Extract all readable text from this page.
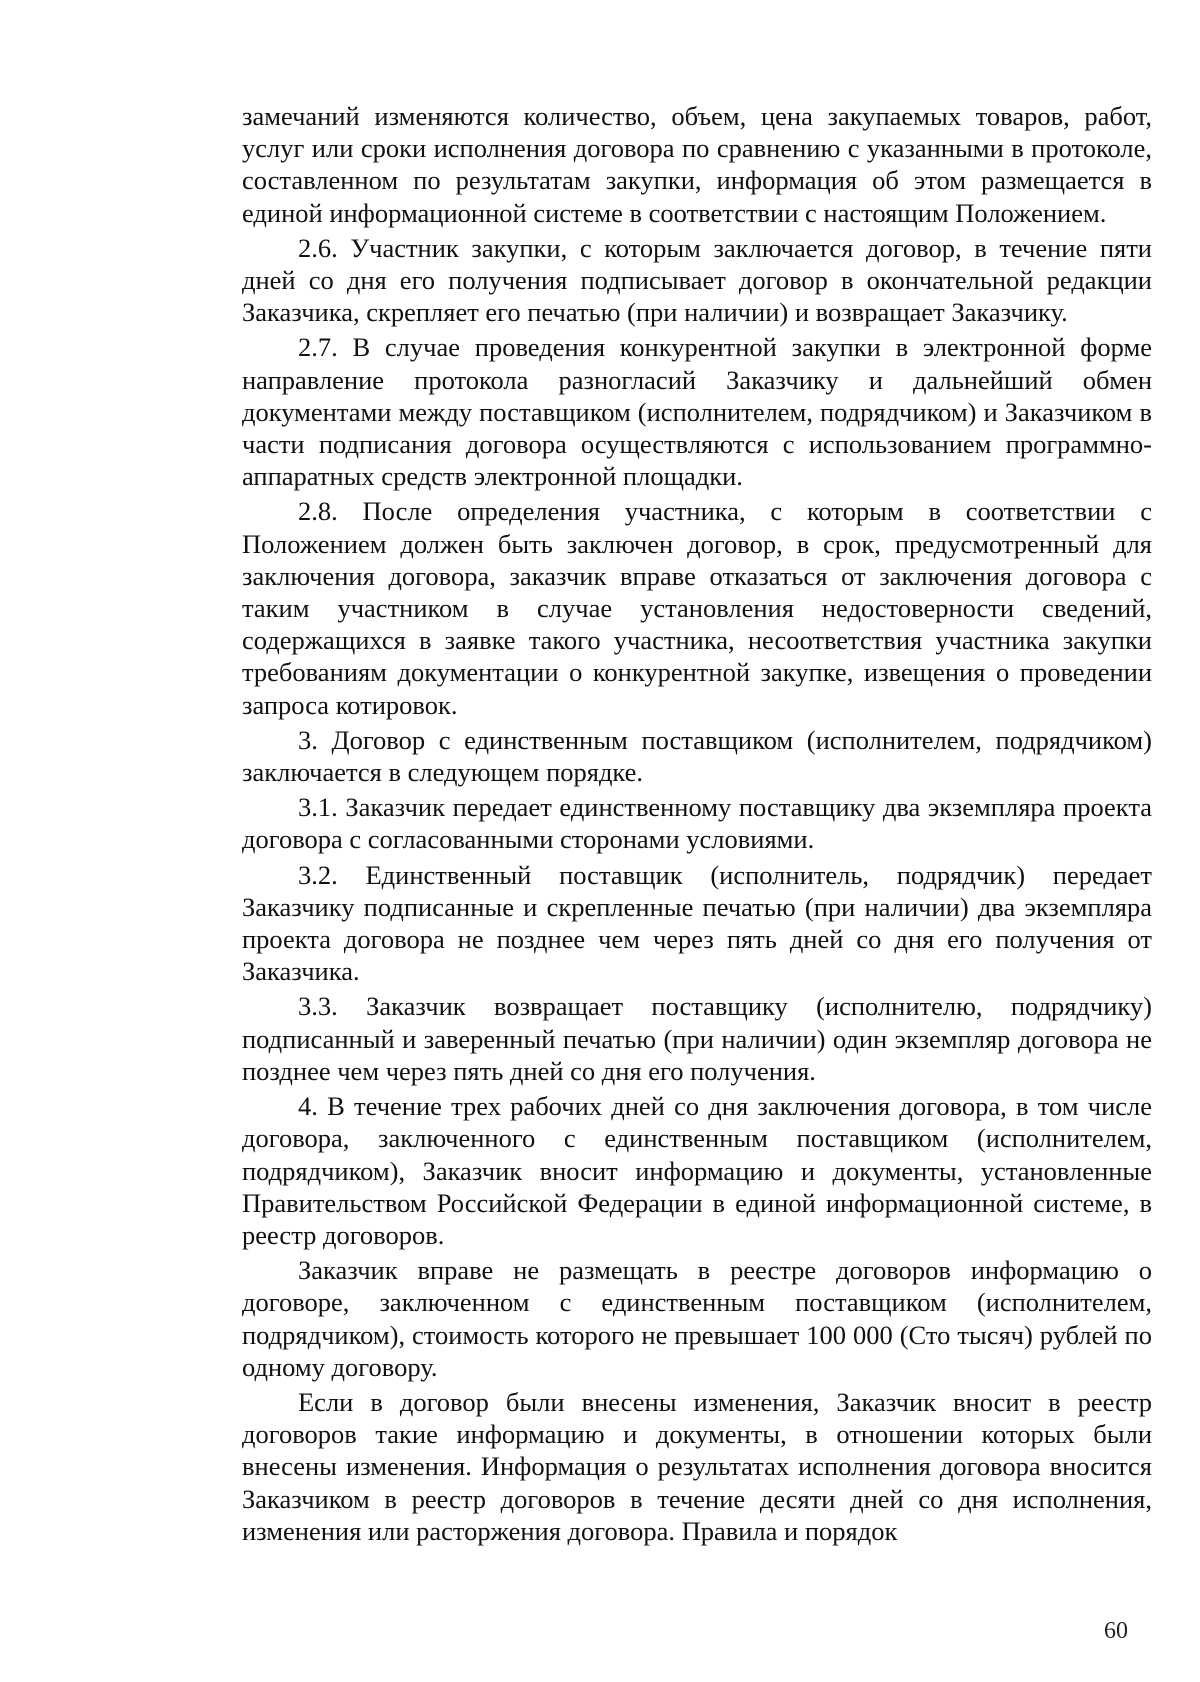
замечаний изменяются количество, объем, цена закупаемых товаров, работ, услуг или сроки исполнения договора по сравнению с указанными в протоколе, составленном по результатам закупки, информация об этом размещается в единой информационной системе в соответствии с настоящим Положением.

2.6. Участник закупки, с которым заключается договор, в течение пяти дней со дня его получения подписывает договор в окончательной редакции Заказчика, скрепляет его печатью (при наличии) и возвращает Заказчику.

2.7. В случае проведения конкурентной закупки в электронной форме направление протокола разногласий Заказчику и дальнейший обмен документами между поставщиком (исполнителем, подрядчиком) и Заказчиком в части подписания договора осуществляются с использованием программно-аппаратных средств электронной площадки.

2.8. После определения участника, с которым в соответствии с Положением должен быть заключен договор, в срок, предусмотренный для заключения договора, заказчик вправе отказаться от заключения договора с таким участником в случае установления недостоверности сведений, содержащихся в заявке такого участника, несоответствия участника закупки требованиям документации о конкурентной закупке, извещения о проведении запроса котировок.

3. Договор с единственным поставщиком (исполнителем, подрядчиком) заключается в следующем порядке.

3.1. Заказчик передает единственному поставщику два экземпляра проекта договора с согласованными сторонами условиями.

3.2. Единственный поставщик (исполнитель, подрядчик) передает Заказчику подписанные и скрепленные печатью (при наличии) два экземпляра проекта договора не позднее чем через пять дней со дня его получения от Заказчика.

3.3. Заказчик возвращает поставщику (исполнителю, подрядчику) подписанный и заверенный печатью (при наличии) один экземпляр договора не позднее чем через пять дней со дня его получения.

4. В течение трех рабочих дней со дня заключения договора, в том числе договора, заключенного с единственным поставщиком (исполнителем, подрядчиком), Заказчик вносит информацию и документы, установленные Правительством Российской Федерации в единой информационной системе, в реестр договоров.

Заказчик вправе не размещать в реестре договоров информацию о договоре, заключенном с единственным поставщиком (исполнителем, подрядчиком), стоимость которого не превышает 100 000 (Сто тысяч) рублей по одному договору.

Если в договор были внесены изменения, Заказчик вносит в реестр договоров такие информацию и документы, в отношении которых были внесены изменения. Информация о результатах исполнения договора вносится Заказчиком в реестр договоров в течение десяти дней со дня исполнения, изменения или расторжения договора. Правила и порядок

60
